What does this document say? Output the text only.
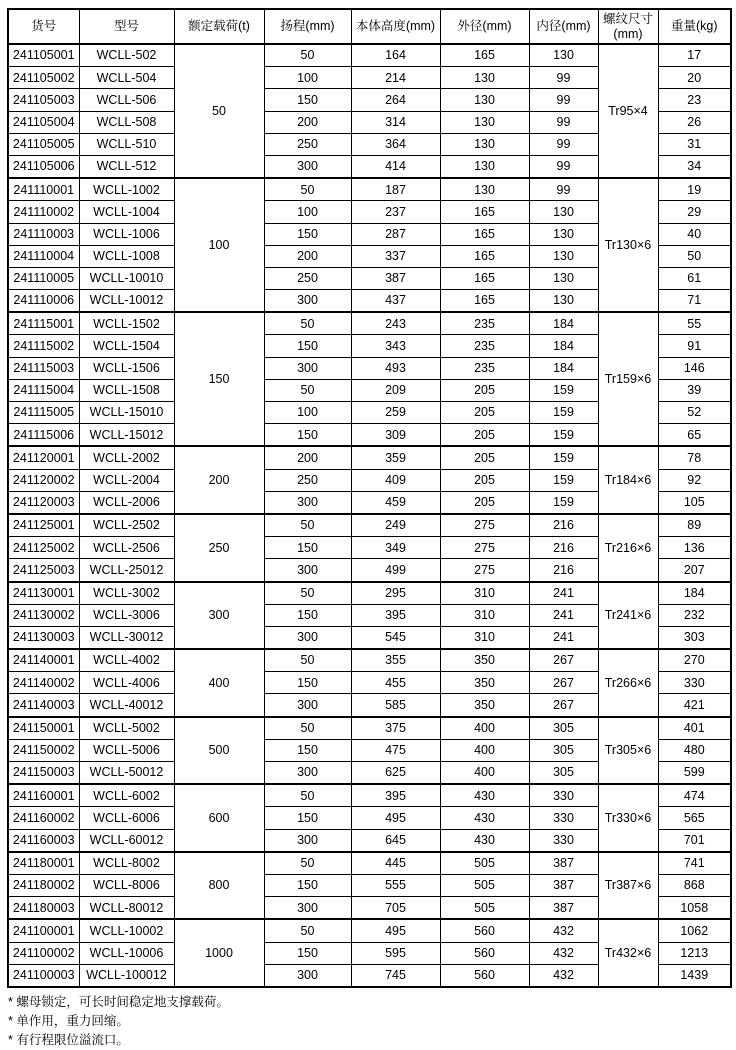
货号	型号	额定载荷(t)	扬程(mm)	本体高度(mm)	外径(mm)	内径(mm)	螺纹尺寸
(mm)	重量(kg)
241105001	WCLL-502	50	50	164	165	130	Tr95×4	17
241105002	WCLL-504		100	214	130	99		20
241105003	WCLL-506		150	264	130	99		23
241105004	WCLL-508		200	314	130	99		26
241105005	WCLL-510		250	364	130	99		31
241105006	WCLL-512		300	414	130	99		34
241110001	WCLL-1002	100	50	187	130	99	Tr130×6	19
241110002	WCLL-1004		100	237	165	130		29
241110003	WCLL-1006		150	287	165	130		40
241110004	WCLL-1008		200	337	165	130		50
241110005	WCLL-10010		250	387	165	130		61
241110006	WCLL-10012		300	437	165	130		71
241115001	WCLL-1502	150	50	243	235	184	Tr159×6	55
241115002	WCLL-1504		150	343	235	184		91
241115003	WCLL-1506		300	493	235	184		146
241115004	WCLL-1508		50	209	205	159		39
241115005	WCLL-15010		100	259	205	159		52
241115006	WCLL-15012		150	309	205	159		65
241120001	WCLL-2002	200	200	359	205	159	Tr184×6	78
241120002	WCLL-2004		250	409	205	159		92
241120003	WCLL-2006		300	459	205	159		105
241125001	WCLL-2502	250	50	249	275	216	Tr216×6	89
241125002	WCLL-2506		150	349	275	216		136
241125003	WCLL-25012		300	499	275	216		207
241130001	WCLL-3002	300	50	295	310	241	Tr241×6	184
241130002	WCLL-3006		150	395	310	241		232
241130003	WCLL-30012		300	545	310	241		303
241140001	WCLL-4002	400	50	355	350	267	Tr266×6	270
241140002	WCLL-4006		150	455	350	267		330
241140003	WCLL-40012		300	585	350	267		421
241150001	WCLL-5002	500	50	375	400	305	Tr305×6	401
241150002	WCLL-5006		150	475	400	305		480
241150003	WCLL-50012		300	625	400	305		599
241160001	WCLL-6002	600	50	395	430	330	Tr330×6	474
241160002	WCLL-6006		150	495	430	330		565
241160003	WCLL-60012		300	645	430	330		701
241180001	WCLL-8002	800	50	445	505	387	Tr387×6	741
241180002	WCLL-8006		150	555	505	387		868
241180003	WCLL-80012		300	705	505	387		1058
241100001	WCLL-10002	1000	50	495	560	432	Tr432×6	1062
241100002	WCLL-10006		150	595	560	432		1213
241100003	WCLL-100012		300	745	560	432		1439
* 螺母锁定，可长时间稳定地支撑载荷。
* 单作用，重力回缩。
* 有行程限位溢流口。
